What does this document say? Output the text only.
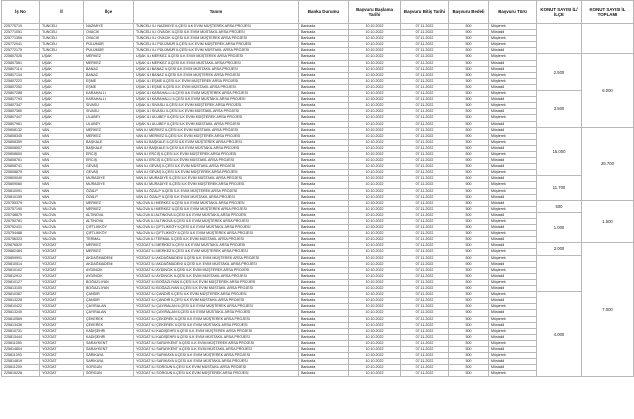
İş No	İl	İlçe	Tanım	Banka Durumu	Başvuru Başlama Tarihi	Başvuru Bitiş Tarihi	Başvuru Bedeli	Başvuru Türü	KONUT SAYISI İL/İLÇE	KONUT SAYISI İL TOPLAMI
225770710	TUNCELİ	NAZIMİYE	TUNCELİ İLİ NAZIMİYE İLÇESİ İLK EVİM MÜŞTEREK ARSA PROJESİ	Bankada	10.10.2022	07.11.2022	500	Müşterek		
225771051	TUNCELİ	OVACIK	TUNCELİ İLİ OVACIK İLÇESİ İLK EVİM MÜSTAKİL ARSA PROJESİ	Bankada	10.10.2022	07.11.2022	500	Müstakil		
225771306	TUNCELİ	OVACIK	TUNCELİ İLİ OVACIK İLÇESİ İLK EVİM MÜŞTEREK ARSA PROJESİ	Bankada	10.10.2022	07.11.2022	500	Müşterek		
225772041	TUNCELİ	PÜLÜMÜR	TUNCELİ İLİ PÜLÜMÜR İLÇESİ İLK EVİM MÜŞTEREK ARSA PROJESİ	Bankada	10.10.2022	07.11.2022	500	Müşterek		
225772175	TUNCELİ	PÜLÜMÜR	TUNCELİ İLİ PÜLÜMÜR İLÇESİ İLK EVİM MÜSTAKİL ARSA PROJESİ	Bankada	10.10.2022	07.11.2022	500	Müstakil		
225807026	UŞAK	MERKEZ	UŞAK İLİ MERKEZ İLÇESİ İLK EVİM MÜŞTEREK ARSA PROJESİ	Bankada	10.10.2022	07.11.2022	500	Müşterek	2.500	6.000
225807561	UŞAK	MERKEZ	UŞAK İLİ MERKEZ İLÇESİ İLK EVİM MÜSTAKİL ARSA PROJESİ	Bankada	10.10.2022	07.11.2022	500	Müstakil		
225807114	UŞAK	BANAZ	UŞAK İLİ BANAZ İLÇESİ İLK EVİM MÜSTAKİL ARSA PROJESİ	Bankada	10.10.2022	07.11.2022	500	Müstakil		
225807134	UŞAK	BANAZ	UŞAK İLİ BANAZ İLÇESİ İLK EVİM MÜŞTEREK ARSA PROJESİ	Bankada	10.10.2022	07.11.2022	500	Müşterek		
225807222	UŞAK	EŞME	UŞAK İLİ EŞME İLÇESİ İLK EVİM MÜŞTEREK ARSA PROJESİ	Bankada	10.10.2022	07.11.2022	500	Müşterek		
225807252	UŞAK	EŞME	UŞAK İLİ EŞME İLÇESİ İLK EVİM MÜSTAKİL ARSA PROJESİ	Bankada	10.10.2022	07.11.2022	500	Müstakil		
225807288	UŞAK	KARAHALLI	UŞAK İLİ KARAHALLI İLÇESİ İLK EVİM MÜŞTEREK ARSA PROJESİ	Bankada	10.10.2022	07.11.2022	500	Müşterek	3.500	
225807793	UŞAK	KARAHALLI	UŞAK İLİ KARAHALLI İLÇESİ İLK EVİM MÜSTAKİL ARSA PROJESİ	Bankada	10.10.2022	07.11.2022	500	Müstakil		
225807347	UŞAK	SİVASLI	UŞAK İLİ SİVASLI İLÇESİ İLK EVİM MÜŞTEREK ARSA PROJESİ	Bankada	10.10.2022	07.11.2022	500	Müşterek		
225807360	UŞAK	SİVASLI	UŞAK İLİ SİVASLI İLÇESİ İLK EVİM MÜSTAKİL ARSA PROJESİ	Bankada	10.10.2022	07.11.2022	500	Müstakil		
225807447	UŞAK	ULUBEY	UŞAK İLİ ULUBEY İLÇESİ İLK EVİM MÜŞTEREK ARSA PROJESİ	Bankada	10.10.2022	07.11.2022	500	Müşterek		
225807961	UŞAK	ULUBEY	UŞAK İLİ ULUBEY İLÇESİ İLK EVİM MÜSTAKİL ARSA PROJESİ	Bankada	10.10.2022	07.11.2022	500	Müstakil		
225808132	VAN	MERKEZ	VAN İLİ MERKEZ İLÇESİ İLK EVİM MÜSTAKİL ARSA PROJESİ	Bankada	10.10.2022	07.11.2022	500	Müstakil	15.000	26.700
225808345	VAN	MERKEZ	VAN İLİ MERKEZ İLÇESİ İLK EVİM MÜŞTEREK ARSA PROJESİ	Bankada	10.10.2022	07.11.2022	500	Müşterek		
225808359	VAN	BAŞKALE	VAN İLİ BAŞKALE İLÇESİ İLK EVİM MÜŞTEREK ARSA PROJESİ	Bankada	10.10.2022	07.11.2022	500	Müşterek		
225808507	VAN	BAŞKALE	VAN İLİ BAŞKALE İLÇESİ İLK EVİM MÜSTAKİL ARSA PROJESİ	Bankada	10.10.2022	07.11.2022	500	Müstakil		
225808600	VAN	ERCİŞ	VAN İLİ ERCİŞ İLÇESİ İLK EVİM MÜŞTEREK ARSA PROJESİ	Bankada	10.10.2022	07.11.2022	500	Müşterek		
225808761	VAN	ERCİŞ	VAN İLİ ERCİŞ İLÇESİ İLK EVİM MÜSTAKİL ARSA PROJESİ	Bankada	10.10.2022	07.11.2022	500	Müstakil		
225808741	VAN	GEVAŞ	VAN İLİ GEVAŞ İLÇESİ İLK EVİM MÜSTAKİL ARSA PROJESİ	Bankada	10.10.2022	07.11.2022	500	Müstakil		
225808875	VAN	GEVAŞ	VAN İLİ GEVAŞ İLÇESİ İLK EVİM MÜŞTEREK ARSA PROJESİ	Bankada	10.10.2022	07.11.2022	500	Müşterek		
225809040	VAN	MURADİYE	VAN İLİ MURADİYE İLÇESİ İLK EVİM MÜSTAKİL ARSA PROJESİ	Bankada	10.10.2022	07.11.2022	500	Müstakil	11.700	
225809060	VAN	MURADİYE	VAN İLİ MURADİYE İLÇESİ İLK EVİM MÜŞTEREK ARSA PROJESİ	Bankada	10.10.2022	07.11.2022	500	Müşterek		
225810091	VAN	ÖZALP	VAN İLİ ÖZALP İLÇESİ İLK EVİM MÜŞTEREK ARSA PROJESİ	Bankada	10.10.2022	07.11.2022	500	Müşterek		
225810155	VAN	ÖZALP	VAN İLİ ÖZALP İLÇESİ İLK EVİM MÜSTAKİL ARSA PROJESİ	Bankada	10.10.2022	07.11.2022	500	Müstakil		
225755379	YALOVA	MERKEZ	YALOVA İLİ MERKEZ İLÇESİ İLK EVİM MÜSTAKİL ARSA PROJESİ	Bankada	10.10.2022	07.11.2022	500	Müstakil	500	1.500
225757190	YALOVA	MERKEZ	YALOVA İLİ MERKEZ İLÇESİ İLK EVİM MÜŞTEREK ARSA PROJESİ	Bankada	10.10.2022	07.11.2022	500	Müşterek		
225748870	YALOVA	ALTINOVA	YALOVA İLİ ALTINOVA İLÇESİ İLK EVİM MÜSTAKİL ARSA PROJESİ	Bankada	10.10.2022	07.11.2022	500	Müstakil	1.000	
225750781	YALOVA	ALTINOVA	YALOVA İLİ ALTINOVA İLÇESİ İLK EVİM MÜŞTEREK ARSA PROJESİ	Bankada	10.10.2022	07.11.2022	500	Müşterek		
225752431	YALOVA	ÇİFTLİKKÖY	YALOVA İLİ ÇİFTLİKKÖY İLÇESİ İLK EVİM MÜSTAKİL ARSA PROJESİ	Bankada	10.10.2022	07.11.2022	500	Müstakil		
225754488	YALOVA	ÇİFTLİKKÖY	YALOVA İLİ ÇİFTLİKKÖY İLÇESİ İLK EVİM MÜŞTEREK ARSA PROJESİ	Bankada	10.10.2022	07.11.2022	500	Müşterek		
225756323	YALOVA	TERMAL	YALOVA İLİ TERMAL İLÇESİ İLK EVİM MÜSTAKİL ARSA PROJESİ	Bankada	10.10.2022	07.11.2022	500	Müstakil		
225876520	YOZGAT	MERKEZ	YOZGAT İLİ MERKEZ İLÇESİ İLK EVİM MÜSTAKİL ARSA PROJESİ	Bankada	10.10.2022	07.11.2022	500	Müstakil	3.000	7.000
225882484	YOZGAT	MERKEZ	YOZGAT İLİ MERKEZ İLÇESİ İLK EVİM MÜŞTEREK ARSA PROJESİ	Bankada	10.10.2022	07.11.2022	500	Müşterek		
225809991	YOZGAT	AKDAĞMADENİ	YOZGAT İLİ AKDAĞMADENİ İLÇESİ İLK EVİM MÜŞTEREK ARSA PROJESİ	Bankada	10.10.2022	07.11.2022	500	Müşterek		
225810014	YOZGAT	AKDAĞMADENİ	YOZGAT İLİ AKDAĞMADENİ İLÇESİ İLK EVİM MÜSTAKİL ARSA PROJESİ	Bankada	10.10.2022	07.11.2022	500	Müstakil		
225810102	YOZGAT	AYDINCIK	YOZGAT İLİ AYDINCIK İLÇESİ İLK EVİM MÜŞTEREK ARSA PROJESİ	Bankada	10.10.2022	07.11.2022	500	Müşterek		
225812912	YOZGAT	AYDINCIK	YOZGAT İLİ AYDINCIK İLÇESİ İLK EVİM MÜSTAKİL ARSA PROJESİ	Bankada	10.10.2022	07.11.2022	500	Müstakil		
225810127	YOZGAT	BOĞAZLIYAN	YOZGAT İLİ BOĞAZLIYAN İLÇESİ İLK EVİM MÜŞTEREK ARSA PROJESİ	Bankada	10.10.2022	07.11.2022	500	Müşterek		
225813100	YOZGAT	BOĞAZLIYAN	YOZGAT İLİ BOĞAZLIYAN İLÇESİ İLK EVİM MÜSTAKİL ARSA PROJESİ	Bankada	10.10.2022	07.11.2022	500	Müstakil		
225810387	YOZGAT	ÇANDIR	YOZGAT İLİ ÇANDIR İLÇESİ İLK EVİM MÜŞTEREK ARSA PROJESİ	Bankada	10.10.2022	07.11.2022	500	Müşterek	4.000	
225813228	YOZGAT	ÇANDIR	YOZGAT İLİ ÇANDIR İLÇESİ İLK EVİM MÜSTAKİL ARSA PROJESİ	Bankada	10.10.2022	07.11.2022	500	Müstakil		
225810422	YOZGAT	ÇAYIRALAN	YOZGAT İLİ ÇAYIRALAN İLÇESİ İLK EVİM MÜŞTEREK ARSA PROJESİ	Bankada	10.10.2022	07.11.2022	500	Müşterek		
225813240	YOZGAT	ÇAYIRALAN	YOZGAT İLİ ÇAYIRALAN İLÇESİ İLK EVİM MÜSTAKİL ARSA PROJESİ	Bankada	10.10.2022	07.11.2022	500	Müstakil		
225810569	YOZGAT	ÇEKEREK	YOZGAT İLİ ÇEKEREK İLÇESİ İLK EVİM MÜŞTEREK ARSA PROJESİ	Bankada	10.10.2022	07.11.2022	500	Müşterek		
225813436	YOZGAT	ÇEKEREK	YOZGAT İLİ ÇEKEREK İLÇESİ İLK EVİM MÜSTAKİL ARSA PROJESİ	Bankada	10.10.2022	07.11.2022	500	Müstakil		
225810731	YOZGAT	KADIŞEHRİ	YOZGAT İLİ KADIŞEHRİ İLÇESİ İLK EVİM MÜŞTEREK ARSA PROJESİ	Bankada	10.10.2022	07.11.2022	500	Müşterek		
225813444	YOZGAT	KADIŞEHRİ	YOZGAT İLİ KADIŞEHRİ İLÇESİ İLK EVİM MÜSTAKİL ARSA PROJESİ	Bankada	10.10.2022	07.11.2022	500	Müstakil		
225811050	YOZGAT	SARAYKENT	YOZGAT İLİ SARAYKENT İLÇESİ İLK EVİM MÜŞTEREK ARSA PROJESİ	Bankada	10.10.2022	07.11.2022	500	Müşterek		
225814804	YOZGAT	SARAYKENT	YOZGAT İLİ SARAYKENT İLÇESİ İLK EVİM MÜSTAKİL ARSA PROJESİ	Bankada	10.10.2022	07.11.2022	500	Müstakil		
225811093	YOZGAT	SARIKAYA	YOZGAT İLİ SARIKAYA İLÇESİ İLK EVİM MÜŞTEREK ARSA PROJESİ	Bankada	10.10.2022	07.11.2022	500	Müşterek		
225814819	YOZGAT	SARIKAYA	YOZGAT İLİ SARIKAYA İLÇESİ İLK EVİM MÜSTAKİL ARSA PROJESİ	Bankada	10.10.2022	07.11.2022	500	Müstakil		
225811200	YOZGAT	SORGUN	YOZGAT İLİ SORGUN İLÇESİ İLK EVİM MÜSTAKİL ARSA PROJESİ	Bankada	10.10.2022	07.11.2022	500	Müstakil		
225815228	YOZGAT	SORGUN	YOZGAT İLİ SORGUN İLÇESİ İLK EVİM MÜŞTEREK ARSA PROJESİ	Bankada	10.10.2022	07.11.2022	500	Müşterek		
